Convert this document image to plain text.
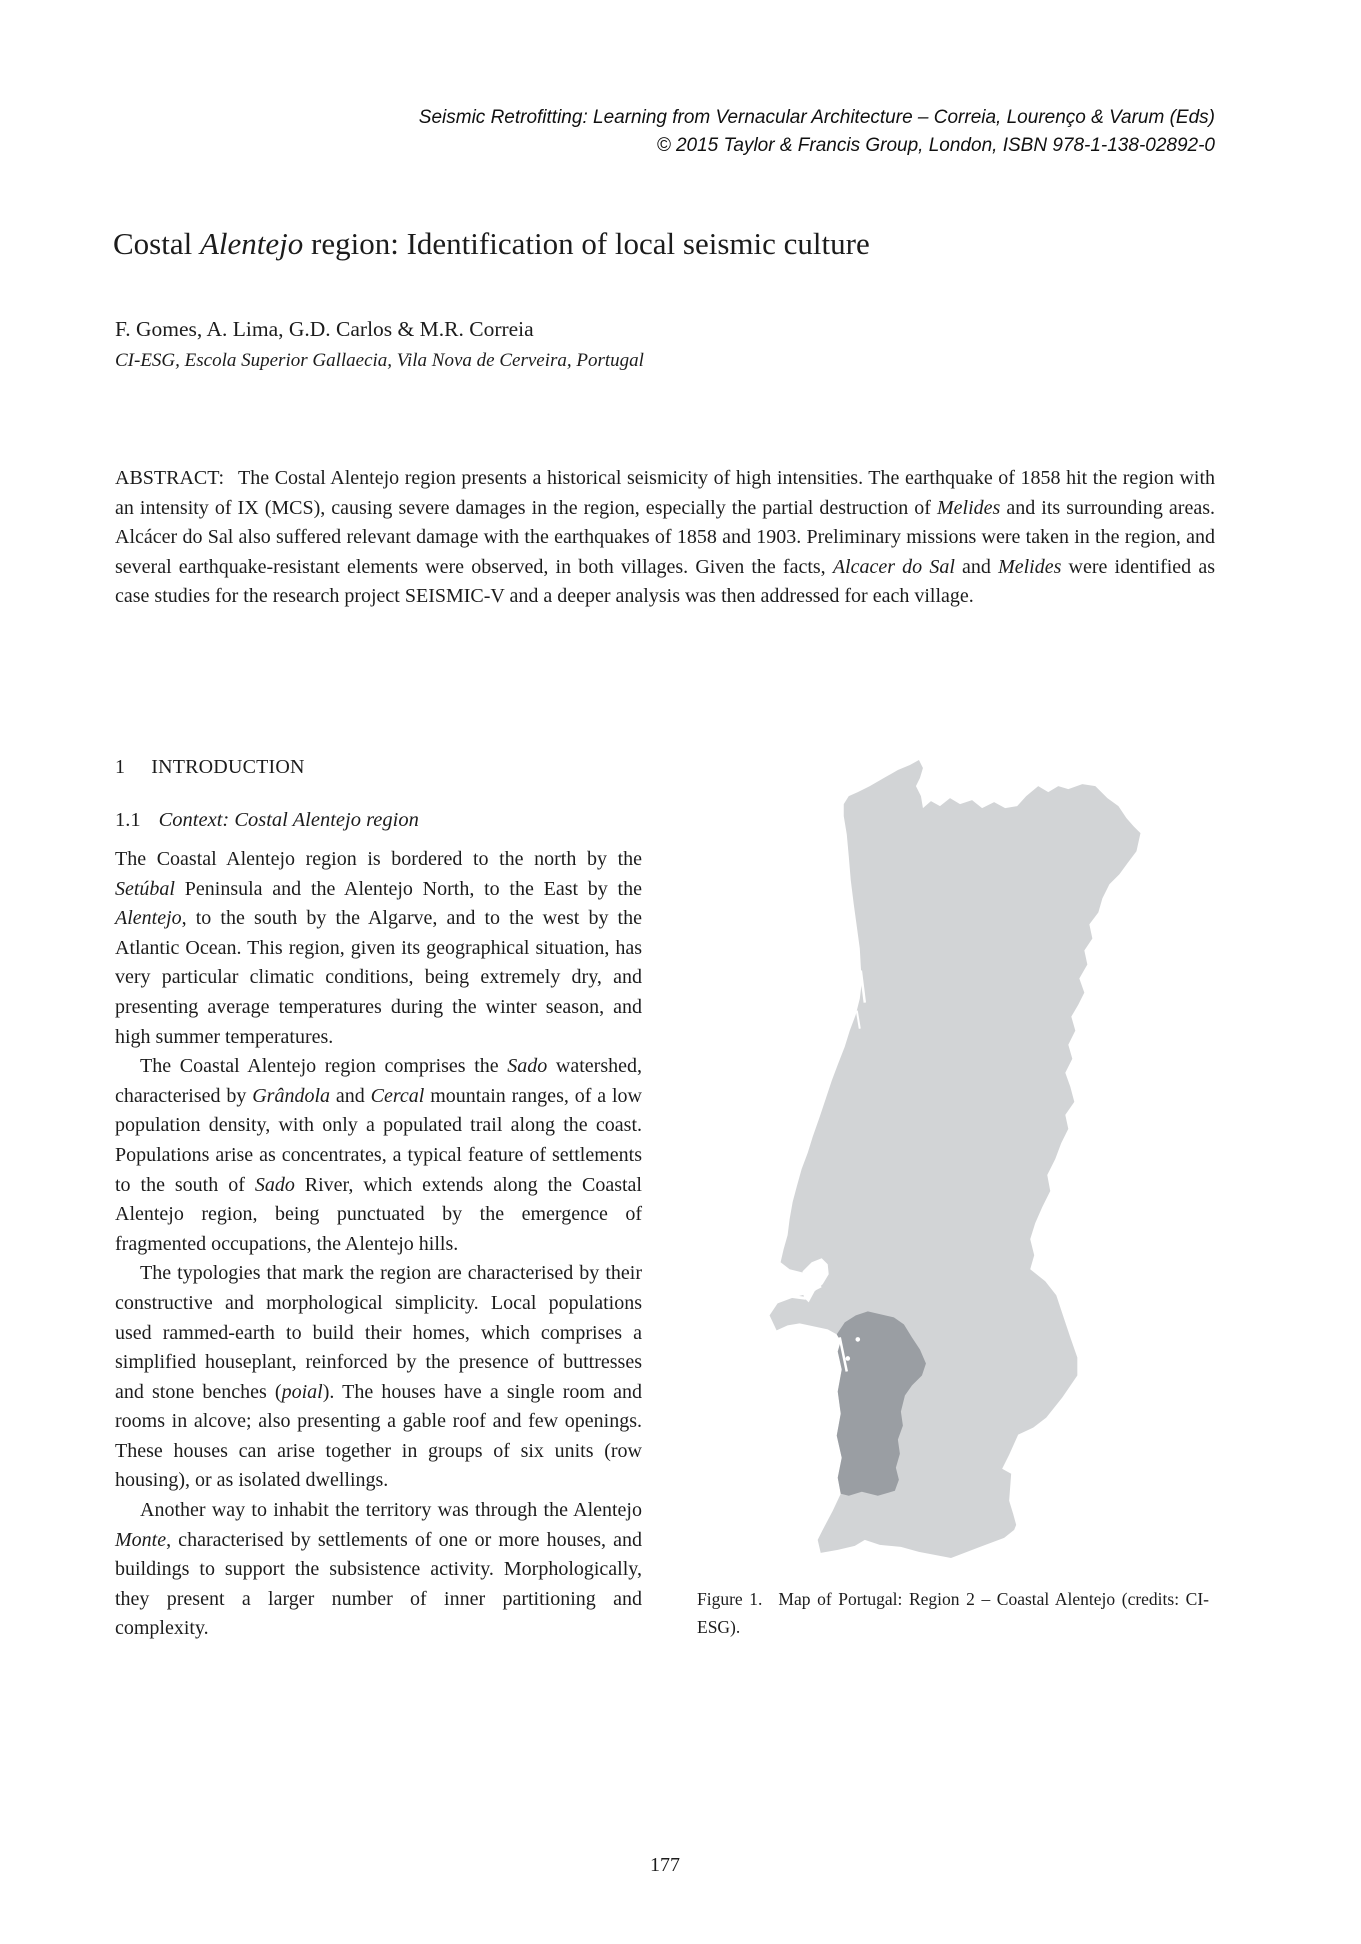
Seismic Retrofitting: Learning from Vernacular Architecture – Correia, Lourenço & Varum (Eds)
© 2015 Taylor & Francis Group, London, ISBN 978-1-138-02892-0
Costal Alentejo region: Identification of local seismic culture
F. Gomes, A. Lima, G.D. Carlos & M.R. Correia
CI-ESG, Escola Superior Gallaecia, Vila Nova de Cerveira, Portugal

ABSTRACT: The Costal Alentejo region presents a historical seismicity of high intensities. The earthquake of 1858 hit the region with an intensity of IX (MCS), causing severe damages in the region, especially the partial destruction of Melides and its surrounding areas. Alcácer do Sal also suffered relevant damage with the earthquakes of 1858 and 1903. Preliminary missions were taken in the region, and several earthquake-resistant elements were observed, in both villages. Given the facts, Alcacer do Sal and Melides were identified as case studies for the research project SEISMIC-V and a deeper analysis was then addressed for each village.

1 INTRODUCTION
1.1 Context: Costal Alentejo region

The Coastal Alentejo region is bordered to the north by the Setúbal Peninsula and the Alentejo North, to the East by the Alentejo, to the south by the Algarve, and to the west by the Atlantic Ocean. This region, given its geographical situation, has very particular climatic conditions, being extremely dry, and presenting average temperatures during the winter season, and high summer temperatures.

The Coastal Alentejo region comprises the Sado watershed, characterised by Grândola and Cercal mountain ranges, of a low population density, with only a populated trail along the coast. Populations arise as concentrates, a typical feature of settlements to the south of Sado River, which extends along the Coastal Alentejo region, being punctuated by the emergence of fragmented occupations, the Alentejo hills.

The typologies that mark the region are characterised by their constructive and morphological simplicity. Local populations used rammed-earth to build their homes, which comprises a simplified houseplant, reinforced by the presence of buttresses and stone benches (poial). The houses have a single room and rooms in alcove; also presenting a gable roof and few openings. These houses can arise together in groups of six units (row housing), or as isolated dwellings.

Another way to inhabit the territory was through the Alentejo Monte, characterised by settlements of one or more houses, and buildings to support the subsistence activity. Morphologically, they present a larger number of inner partitioning and complexity.

Figure 1. Map of Portugal: Region 2 – Coastal Alentejo (credits: CI-ESG).

177
